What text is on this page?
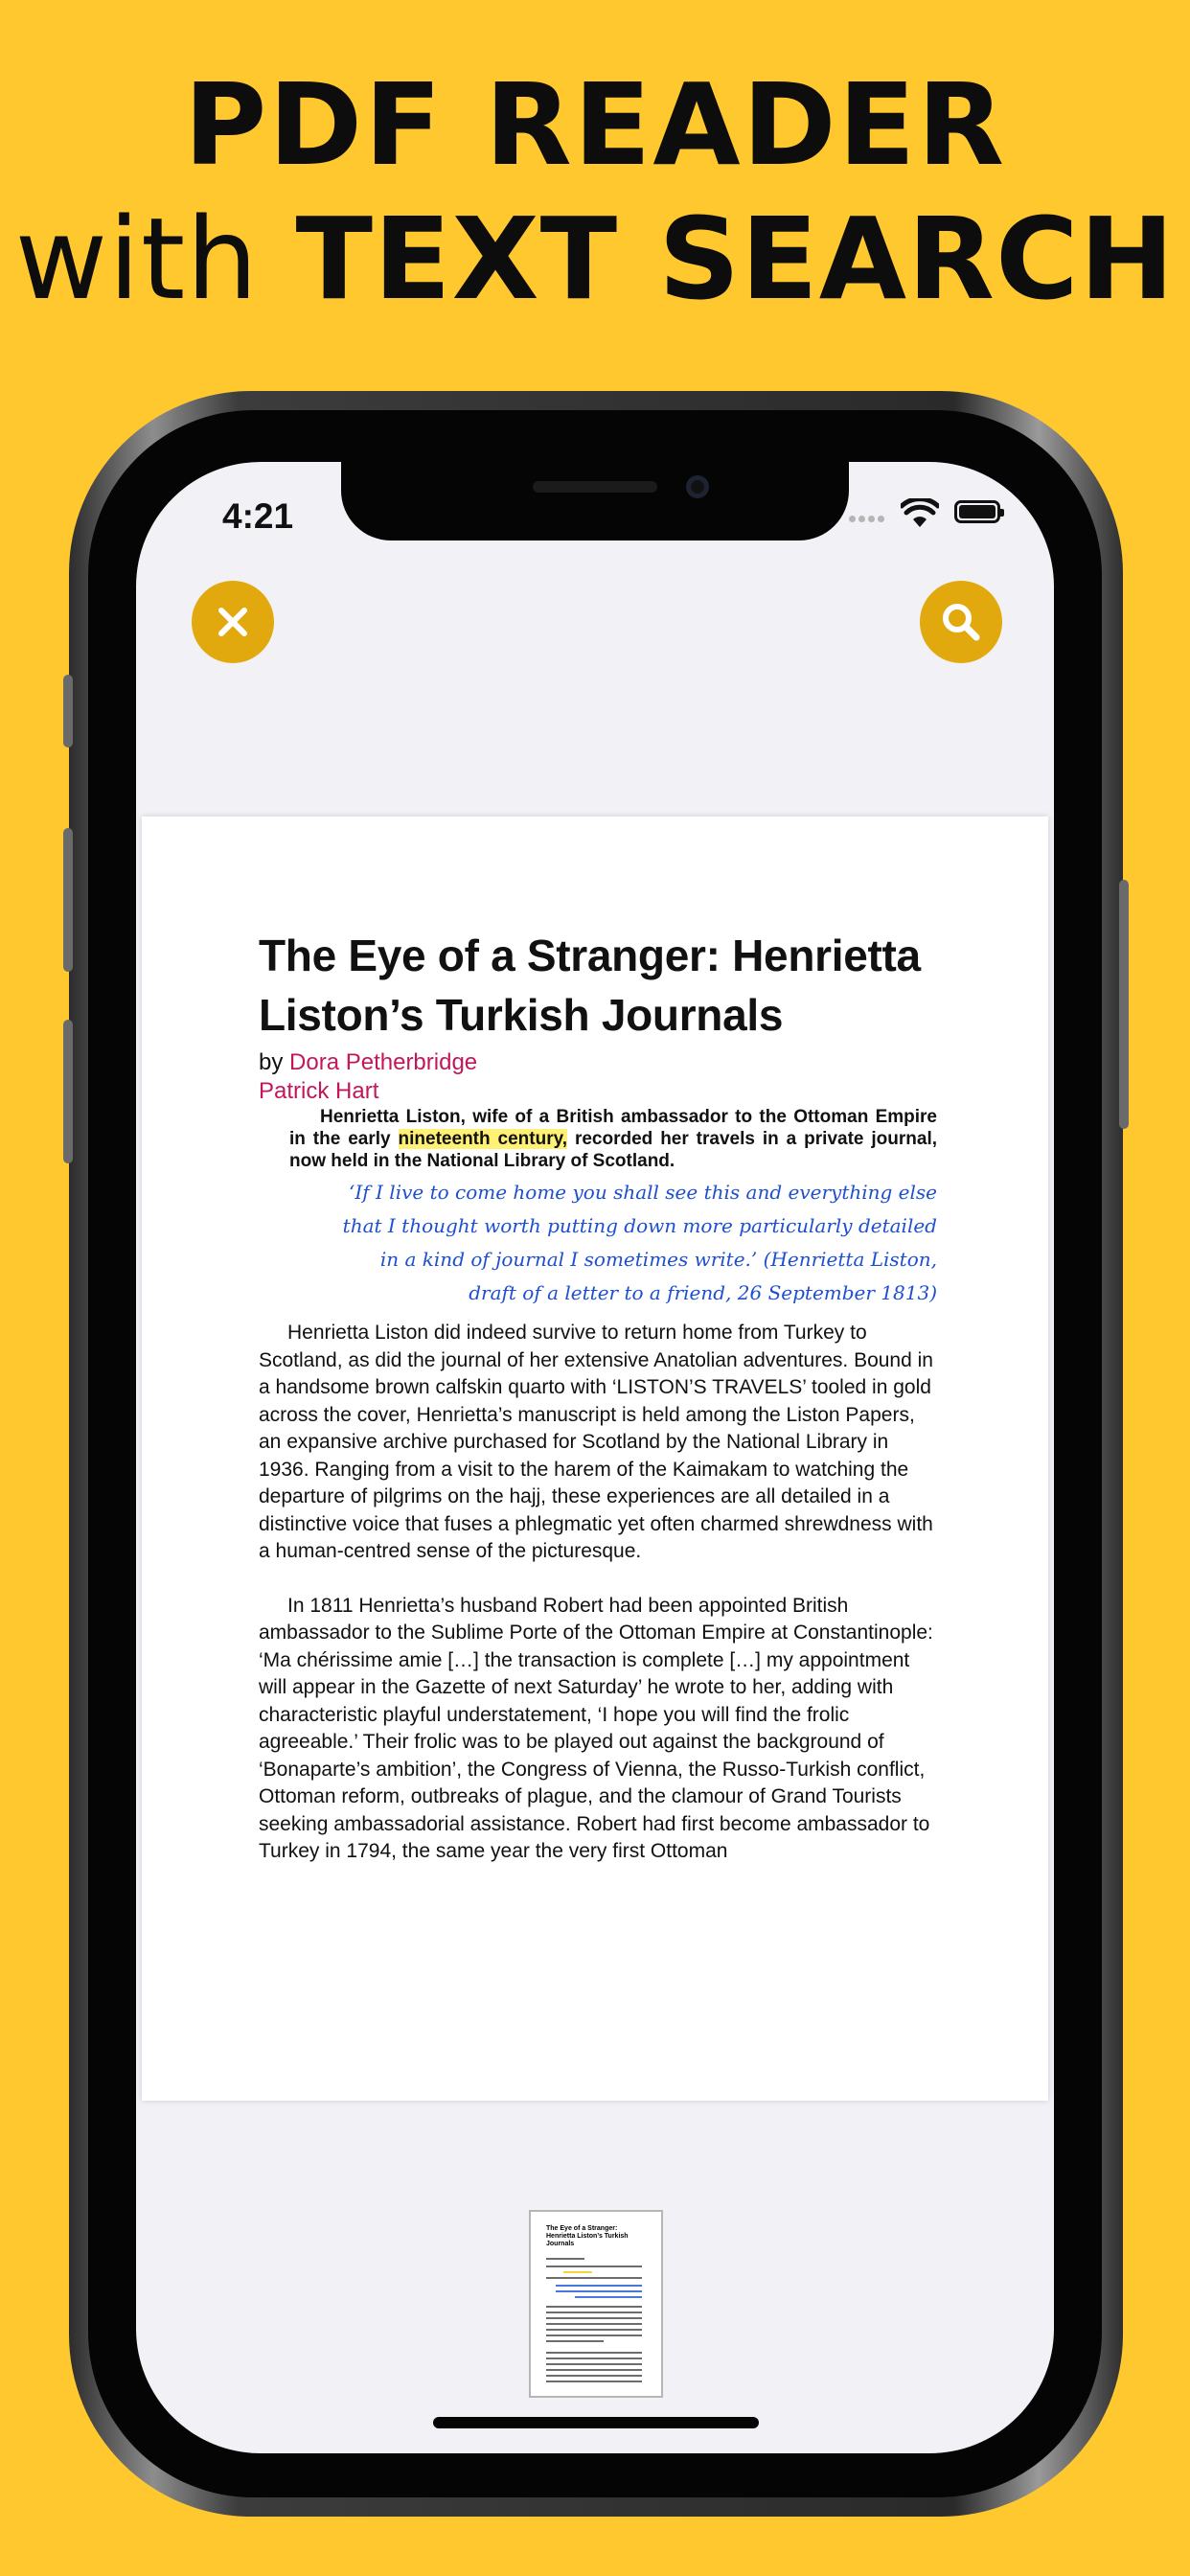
PDF READER
with TEXT SEARCH
4:21
The Eye of a Stranger: Henrietta Liston’s Turkish Journals
by Dora Petherbridge
Patrick Hart
Henrietta Liston, wife of a British ambassador to the Ottoman Empire in the early nineteenth century, recorded her travels in a private journal, now held in the National Library of Scotland.
‘If I live to come home you shall see this and everything else that I thought worth putting down more particularly detailed in a kind of journal I sometimes write.’ (Henrietta Liston, draft of a letter to a friend, 26 September 1813)

Henrietta Liston did indeed survive to return home from Turkey to Scotland, as did the journal of her extensive Anatolian adventures. Bound in a handsome brown calfskin quarto with ‘LISTON’S TRAVELS’ tooled in gold across the cover, Henrietta’s manuscript is held among the Liston Papers, an expansive archive purchased for Scotland by the National Library in 1936. Ranging from a visit to the harem of the Kaimakam to watching the departure of pilgrims on the hajj, these experiences are all detailed in a distinctive voice that fuses a phlegmatic yet often charmed shrewdness with a human-centred sense of the picturesque.

In 1811 Henrietta’s husband Robert had been appointed British ambassador to the Sublime Porte of the Ottoman Empire at Constantinople: ‘Ma chérissime amie […] the transaction is complete […] my appointment will appear in the Gazette of next Saturday’ he wrote to her, adding with characteristic playful understatement, ‘I hope you will find the frolic agreeable.’ Their frolic was to be played out against the background of ‘Bonaparte’s ambition’, the Congress of Vienna, the Russo-Turkish conflict, Ottoman reform, outbreaks of plague, and the clamour of Grand Tourists seeking ambassadorial assistance. Robert had first become ambassador to Turkey in 1794, the same year the very first Ottoman

The Eye of a Stranger: Henrietta Liston’s Turkish Journals
